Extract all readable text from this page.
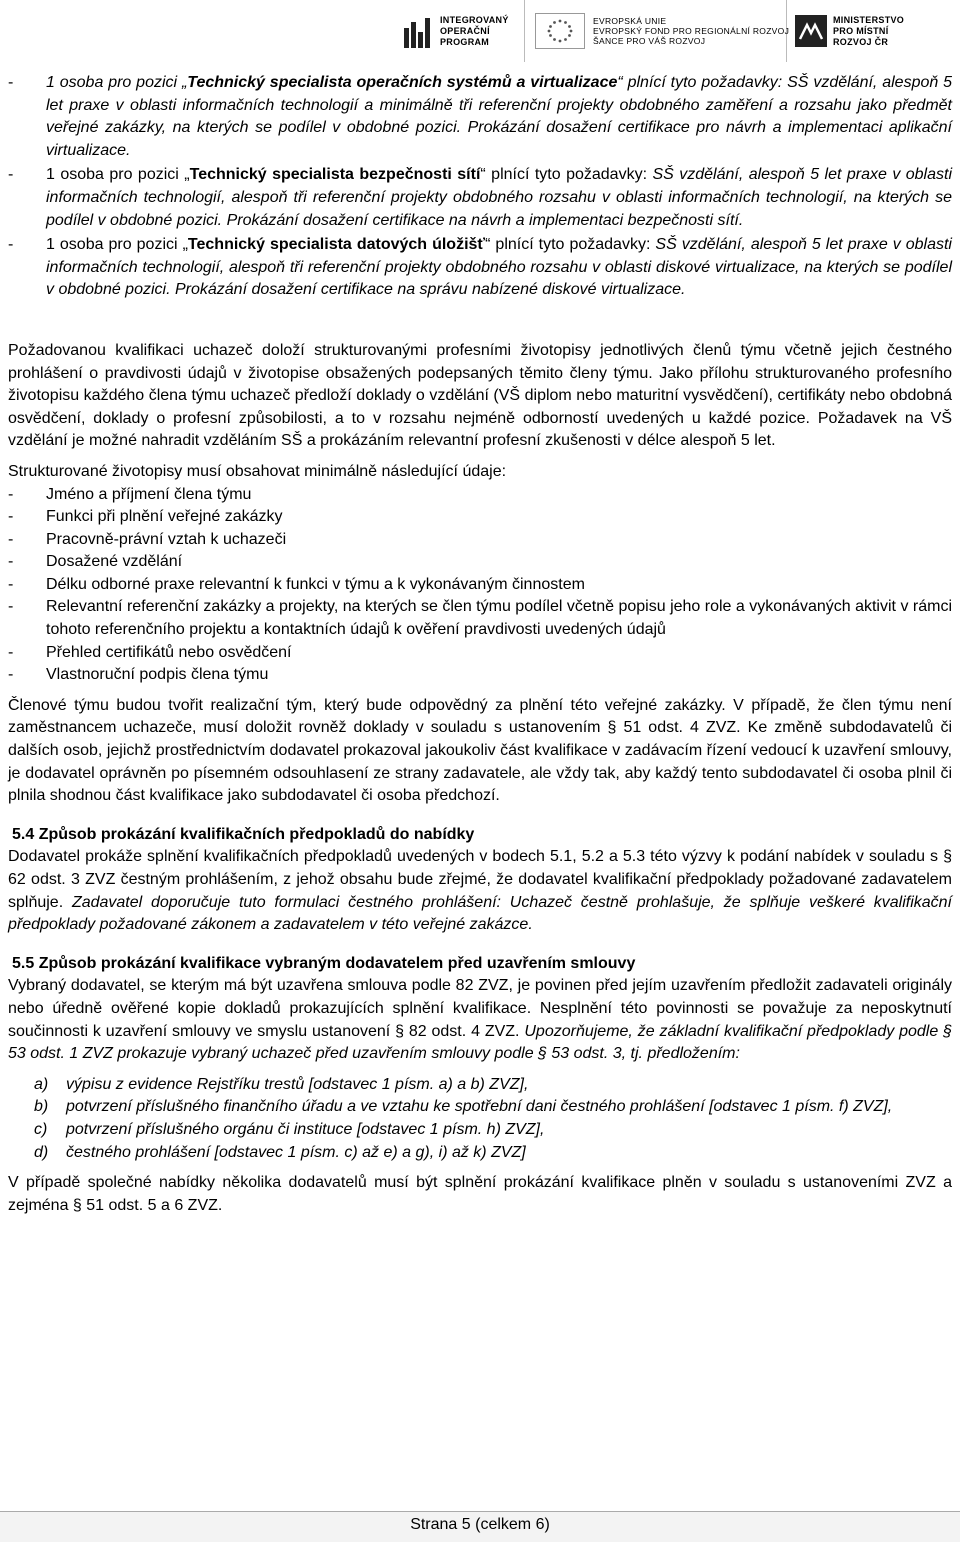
INTEGROVANÝ
OPERAČNÍ
PROGRAM
EVROPSKÁ UNIE
EVROPSKÝ FOND PRO REGIONÁLNÍ ROZVOJ
ŠANCE PRO VÁŠ ROZVOJ
MINISTERSTVO
PRO MÍSTNÍ
ROZVOJ ČR
-	1 osoba pro pozici „Technický specialista operačních systémů a virtualizace“ plnící tyto požadavky: SŠ vzdělání, alespoň 5 let praxe v oblasti informačních technologií a minimálně tři referenční projekty obdobného zaměření a rozsahu jako předmět veřejné zakázky, na kterých se podílel v obdobné pozici. Prokázání dosažení certifikace pro návrh a implementaci aplikační virtualizace.
-	1 osoba pro pozici „Technický specialista bezpečnosti sítí“ plnící tyto požadavky: SŠ vzdělání, alespoň 5 let praxe v oblasti informačních technologií, alespoň tři referenční projekty obdobného rozsahu v oblasti informačních technologií, na kterých se podílel v obdobné pozici. Prokázání dosažení certifikace na návrh a implementaci bezpečnosti sítí.
-	1 osoba pro pozici „Technický specialista datových úložišť“ plnící tyto požadavky: SŠ vzdělání, alespoň 5 let praxe v oblasti informačních technologií, alespoň tři referenční projekty obdobného rozsahu v oblasti diskové virtualizace, na kterých se podílel v obdobné pozici. Prokázání dosažení certifikace na správu nabízené diskové virtualizace.

Požadovanou kvalifikaci uchazeč doloží strukturovanými profesními životopisy jednotlivých členů týmu včetně jejich čestného prohlášení o pravdivosti údajů v životopise obsažených podepsaných těmito členy týmu. Jako přílohu strukturovaného profesního životopisu každého člena týmu uchazeč předloží doklady o vzdělání (VŠ diplom nebo maturitní vysvědčení), certifikáty nebo obdobná osvědčení, doklady o profesní způsobilosti, a to v rozsahu nejméně odborností uvedených u každé pozice. Požadavek na VŠ vzdělání je možné nahradit vzděláním SŠ a prokázáním relevantní profesní zkušenosti v délce alespoň 5 let.

Strukturované životopisy musí obsahovat minimálně následující údaje:

-	Jméno a příjmení člena týmu
-	Funkci při plnění veřejné zakázky
-	Pracovně-právní vztah k uchazeči
-	Dosažené vzdělání
-	Délku odborné praxe relevantní k funkci v týmu a k vykonávaným činnostem
-	Relevantní referenční zakázky a projekty, na kterých se člen týmu podílel včetně popisu jeho role a vykonávaných aktivit v rámci tohoto referenčního projektu a kontaktních údajů k ověření pravdivosti uvedených údajů
-	Přehled certifikátů nebo osvědčení
-	Vlastnoruční podpis člena týmu

Členové týmu budou tvořit realizační tým, který bude odpovědný za plnění této veřejné zakázky. V případě, že člen týmu není zaměstnancem uchazeče, musí doložit rovněž doklady v souladu s ustanovením § 51 odst. 4 ZVZ. Ke změně subdodavatelů či dalších osob, jejichž prostřednictvím dodavatel prokazoval jakoukoliv část kvalifikace v zadávacím řízení vedoucí k uzavření smlouvy, je dodavatel oprávněn po písemném odsouhlasení ze strany zadavatele, ale vždy tak, aby každý tento subdodavatel či osoba plnil či plnila shodnou část kvalifikace jako subdodavatel či osoba předchozí.

5.4 Způsob prokázání kvalifikačních předpokladů do nabídky

Dodavatel prokáže splnění kvalifikačních předpokladů uvedených v bodech 5.1, 5.2 a 5.3 této výzvy k podání nabídek v souladu s § 62 odst. 3 ZVZ čestným prohlášením, z jehož obsahu bude zřejmé, že dodavatel kvalifikační předpoklady požadované zadavatelem splňuje. Zadavatel doporučuje tuto formulaci čestného prohlášení: Uchazeč čestně prohlašuje, že splňuje veškeré kvalifikační předpoklady požadované zákonem a zadavatelem v této veřejné zakázce.

5.5 Způsob prokázání kvalifikace vybraným dodavatelem před uzavřením smlouvy

Vybraný dodavatel, se kterým má být uzavřena smlouva podle 82 ZVZ, je povinen před jejím uzavřením předložit zadavateli originály nebo úředně ověřené kopie dokladů prokazujících splnění kvalifikace. Nesplnění této povinnosti se považuje za neposkytnutí součinnosti k uzavření smlouvy ve smyslu ustanovení § 82 odst. 4 ZVZ. Upozorňujeme, že základní kvalifikační předpoklady podle § 53 odst. 1 ZVZ prokazuje vybraný uchazeč před uzavřením smlouvy podle § 53 odst. 3, tj. předložením:

a)	výpisu z evidence Rejstříku trestů [odstavec 1 písm. a) a b) ZVZ],
b)	potvrzení příslušného finančního úřadu a ve vztahu ke spotřební dani čestného prohlášení [odstavec 1 písm. f) ZVZ],
c)	potvrzení příslušného orgánu či instituce [odstavec 1 písm. h) ZVZ],
d)	čestného prohlášení [odstavec 1 písm. c) až e) a g), i) až k) ZVZ]

V případě společné nabídky několika dodavatelů musí být splnění prokázání kvalifikace plněn v souladu s ustanoveními ZVZ a zejména § 51 odst. 5 a 6 ZVZ.

Strana 5 (celkem 6)
